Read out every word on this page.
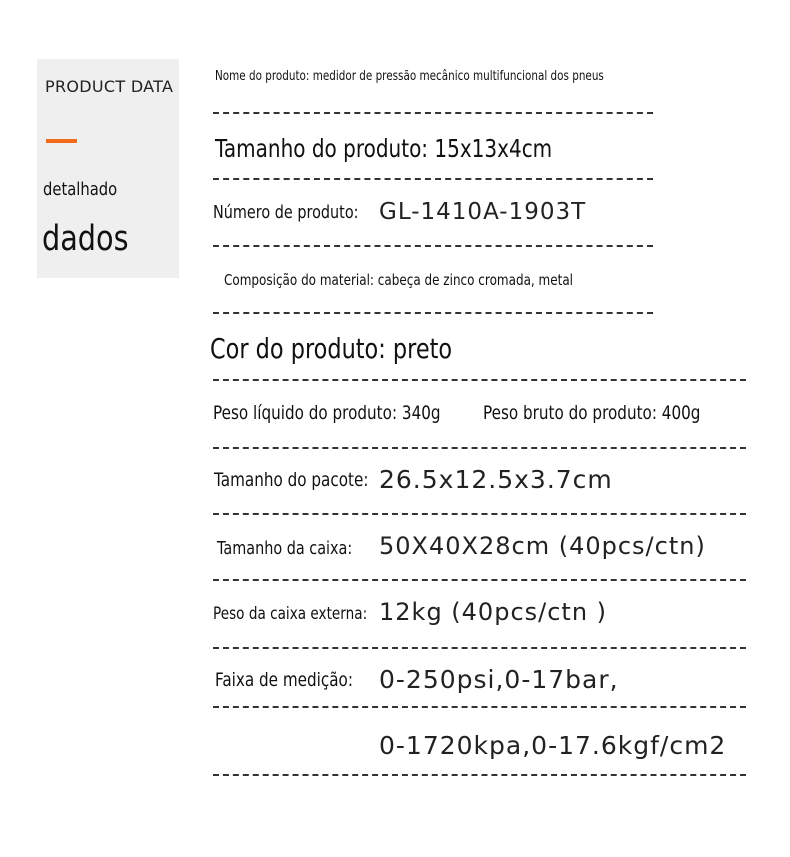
PRODUCT DATA
detalhado
dados
Nome do produto: medidor de pressão mecânico multifuncional dos pneus
Tamanho do produto: 15x13x4cm
Número de produto: GL-1410A-1903T
Composição do material: cabeça de zinco cromada, metal
Cor do produto: preto
Peso líquido do produto: 340g Peso bruto do produto: 400g
Tamanho do pacote: 26.5x12.5x3.7cm
Tamanho da caixa: 50X40X28cm (40pcs/ctn)
Peso da caixa externa: 12kg (40pcs/ctn )
Faixa de medição: 0-250psi,0-17bar,
0-1720kpa,0-17.6kgf/cm2
